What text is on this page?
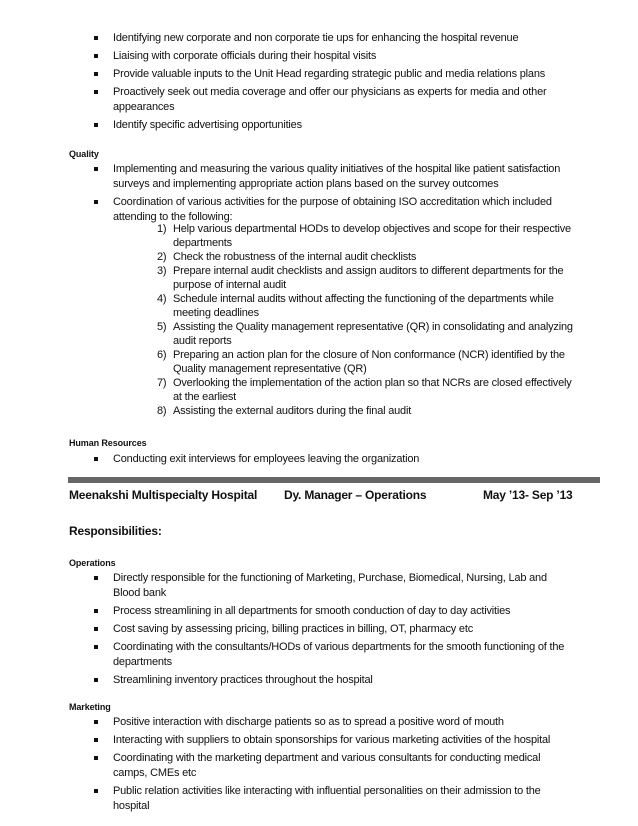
Identifying new corporate and non corporate tie ups for enhancing the hospital revenue
Liaising with corporate officials during their hospital visits
Provide valuable inputs to the Unit Head regarding strategic public and media relations plans
Proactively seek out media coverage and offer our physicians as experts for media and other appearances
Identify specific advertising opportunities
Quality
Implementing and measuring the various quality initiatives of the hospital like patient satisfaction surveys and implementing appropriate action plans based on the survey outcomes
Coordination of various activities for the purpose of obtaining ISO accreditation which included attending to the following:
1) Help various departmental HODs to develop objectives and scope for their respective departments
2) Check the robustness of the internal audit checklists
3) Prepare internal audit checklists and assign auditors to different departments for the purpose of internal audit
4) Schedule internal audits without affecting the functioning of the departments while meeting deadlines
5) Assisting the Quality management representative (QR) in consolidating and analyzing audit reports
6) Preparing an action plan for the closure of Non conformance (NCR) identified by the Quality management representative (QR)
7) Overlooking the implementation of the action plan so that NCRs are closed effectively at the earliest
8) Assisting the external auditors during the final audit
Human Resources
Conducting exit interviews for employees leaving the organization
Meenakshi Multispecialty Hospital Dy. Manager – Operations	May ’13- Sep ’13
Responsibilities:
Operations
Directly responsible for the functioning of Marketing, Purchase, Biomedical, Nursing, Lab and Blood bank
Process streamlining in all departments for smooth conduction of day to day activities
Cost saving by assessing pricing, billing practices in billing, OT, pharmacy etc
Coordinating with the consultants/HODs of various departments for the smooth functioning of the departments
Streamlining inventory practices throughout the hospital
Marketing
Positive interaction with discharge patients so as to spread a positive word of mouth
Interacting with suppliers to obtain sponsorships for various marketing activities of the hospital
Coordinating with the marketing department and various consultants for conducting medical camps, CMEs etc
Public relation activities like interacting with influential personalities on their admission to the hospital
